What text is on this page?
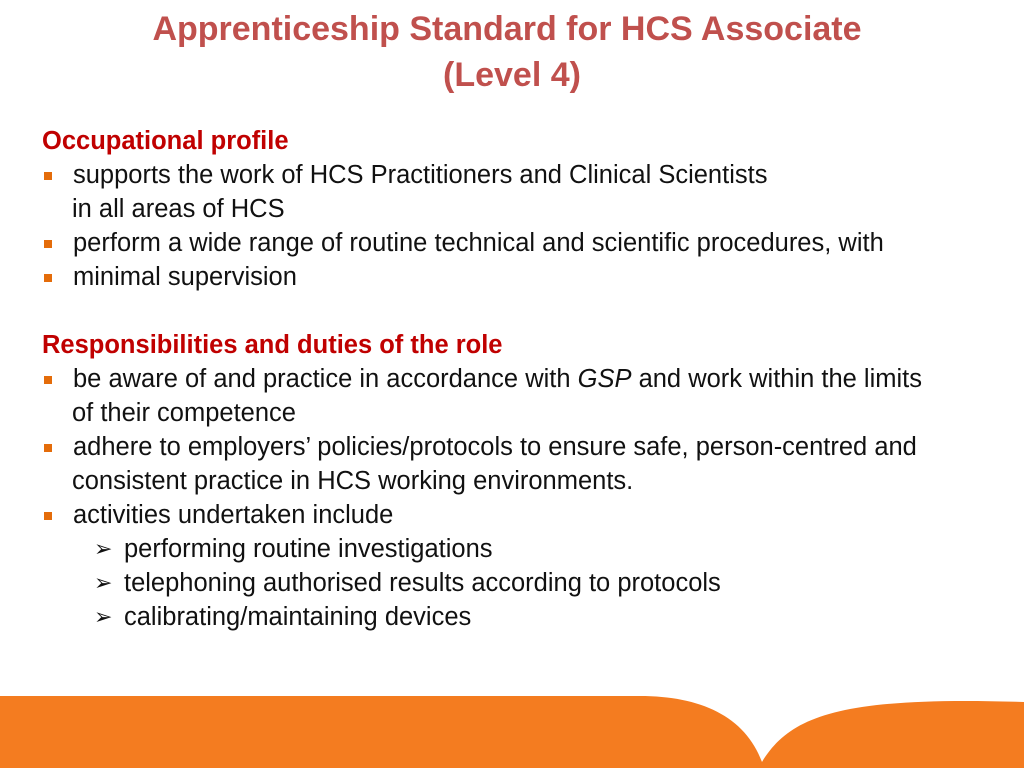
Apprenticeship Standard for HCS Associate
(Level 4)
Occupational profile
supports the work of HCS Practitioners and Clinical Scientists
in all areas of HCS
perform a wide range of routine technical and scientific procedures, with
minimal supervision
Responsibilities and duties of the role
be aware of and practice in accordance with GSP and work within the limits
of their competence
adhere to employers’ policies/protocols to ensure safe, person-centred and
consistent practice in HCS working environments.
activities undertaken include
➢ performing routine investigations
➢ telephoning authorised results according to protocols
➢ calibrating/maintaining devices
